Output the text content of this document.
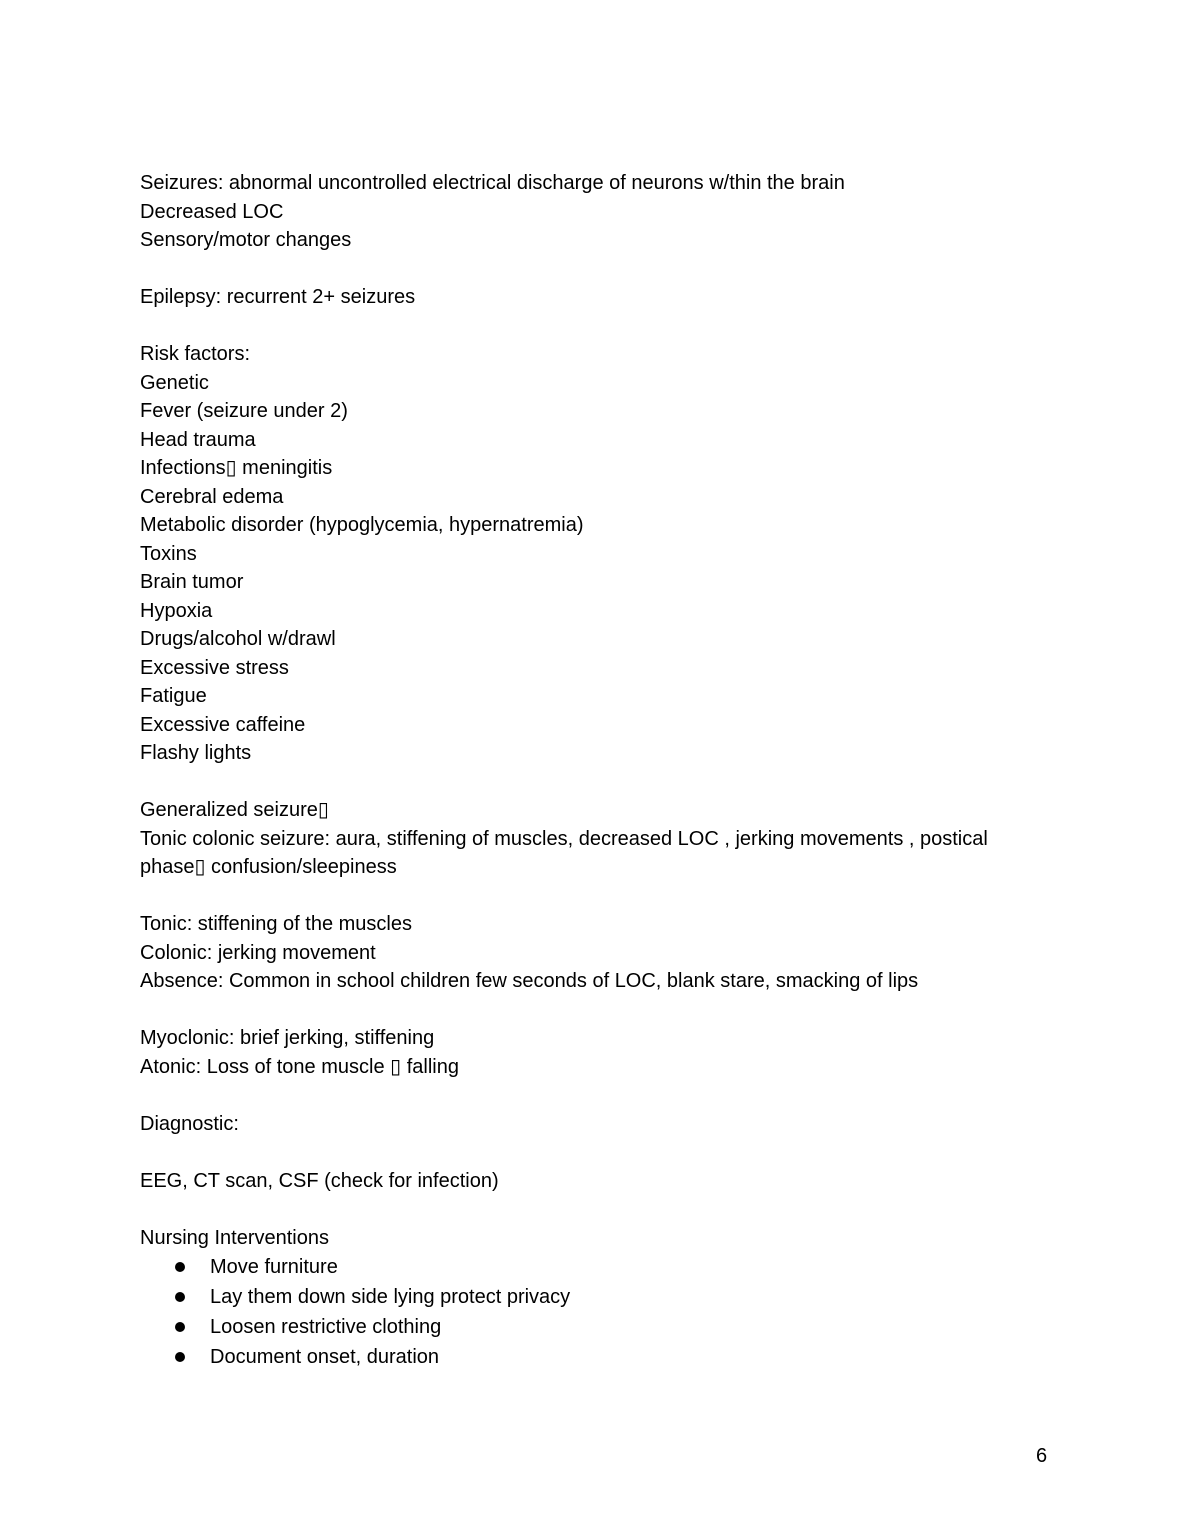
Seizures: abnormal uncontrolled electrical discharge of neurons w/thin the brain
Decreased LOC
Sensory/motor changes
Epilepsy: recurrent 2+ seizures
Risk factors:
Genetic
Fever (seizure under 2)
Head trauma
Infections▯ meningitis
Cerebral edema
Metabolic disorder (hypoglycemia, hypernatremia)
Toxins
Brain tumor
Hypoxia
Drugs/alcohol w/drawl
Excessive stress
Fatigue
Excessive caffeine
Flashy lights
Generalized seizure▯
Tonic colonic seizure: aura, stiffening of muscles, decreased LOC , jerking movements , postical
phase▯ confusion/sleepiness
Tonic: stiffening of the muscles
Colonic: jerking movement
Absence: Common in school children few seconds of LOC, blank stare, smacking of lips
Myoclonic: brief jerking, stiffening
Atonic: Loss of tone muscle ▯ falling
Diagnostic:
EEG, CT scan, CSF (check for infection)
Nursing Interventions
Move furniture
Lay them down side lying protect privacy
Loosen restrictive clothing
Document onset, duration
6
